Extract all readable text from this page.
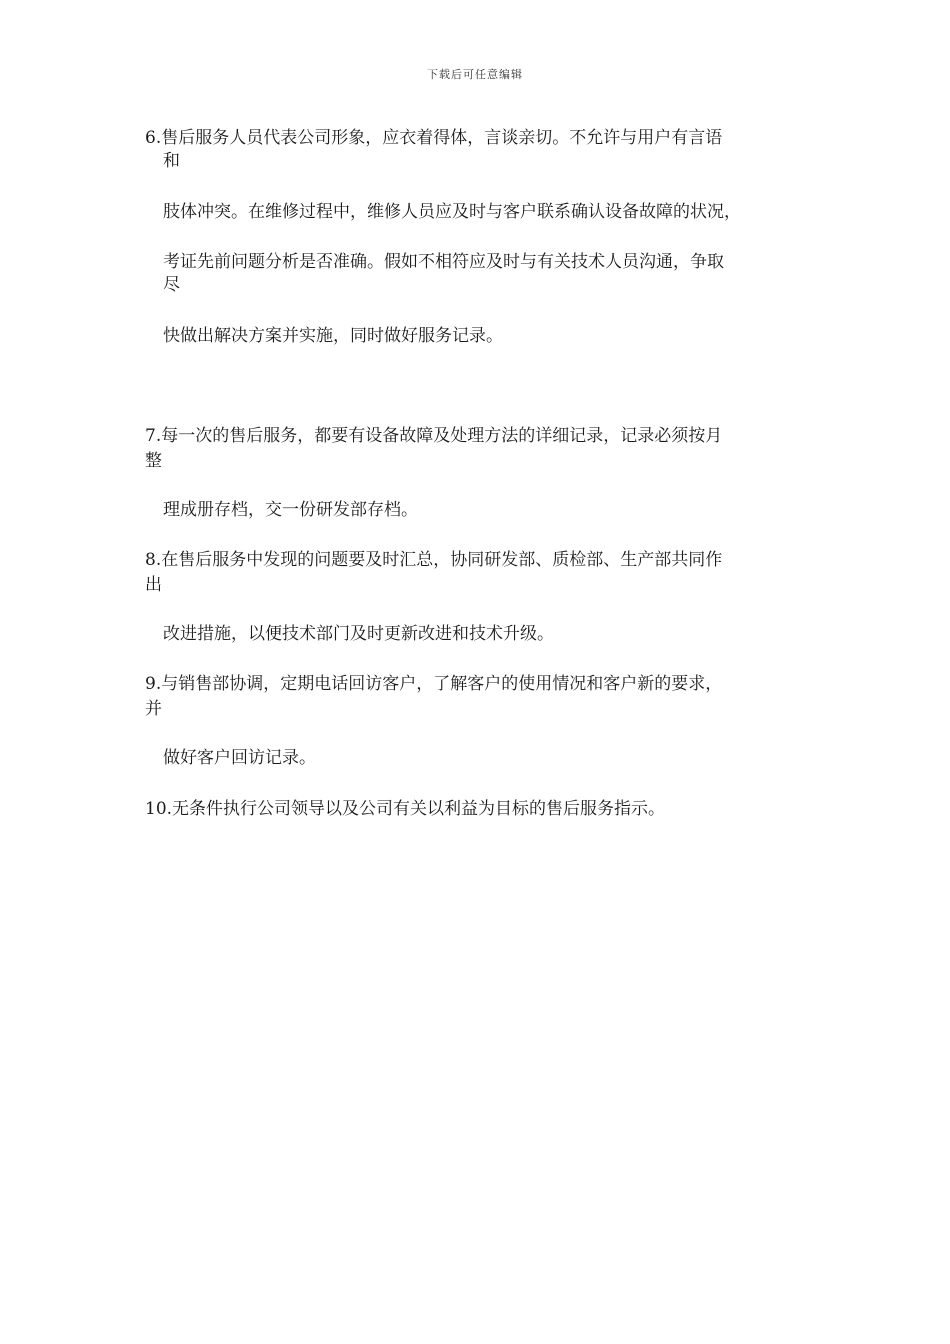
下载后可任意编辑
6.售后服务人员代表公司形象，应衣着得体，言谈亲切。不允许与用户有言语
和
肢体冲突。在维修过程中，维修人员应及时与客户联系确认设备故障的状况，
考证先前问题分析是否准确。假如不相符应及时与有关技术人员沟通，争取
尽
快做出解决方案并实施，同时做好服务记录。
7.每一次的售后服务，都要有设备故障及处理方法的详细记录，记录必须按月
整
理成册存档，交一份研发部存档。
8.在售后服务中发现的问题要及时汇总，协同研发部、质检部、生产部共同作
出
改进措施，以便技术部门及时更新改进和技术升级。
9.与销售部协调，定期电话回访客户，了解客户的使用情况和客户新的要求，
并
做好客户回访记录。
10.无条件执行公司领导以及公司有关以利益为目标的售后服务指示。
